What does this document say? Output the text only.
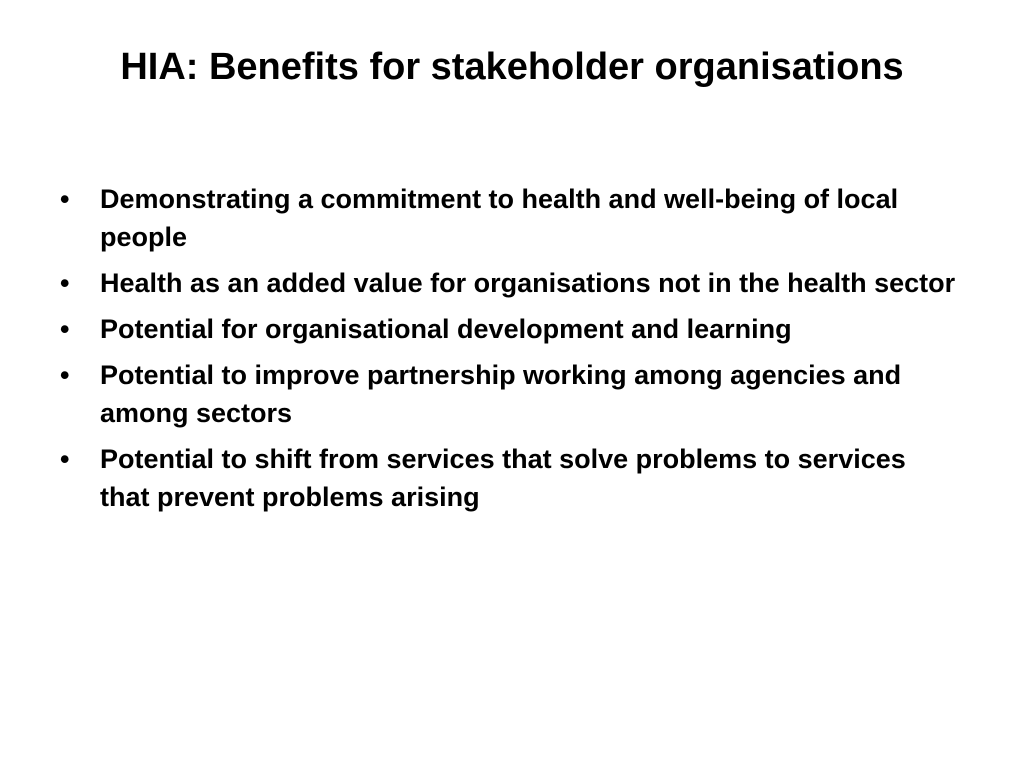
HIA: Benefits for stakeholder organisations
• Demonstrating a commitment to health and well-being of local people
• Health as an added value for organisations not in the health sector
• Potential for organisational development and learning
• Potential to improve partnership working among agencies and among sectors
• Potential to shift from services that solve problems to services that prevent problems arising
